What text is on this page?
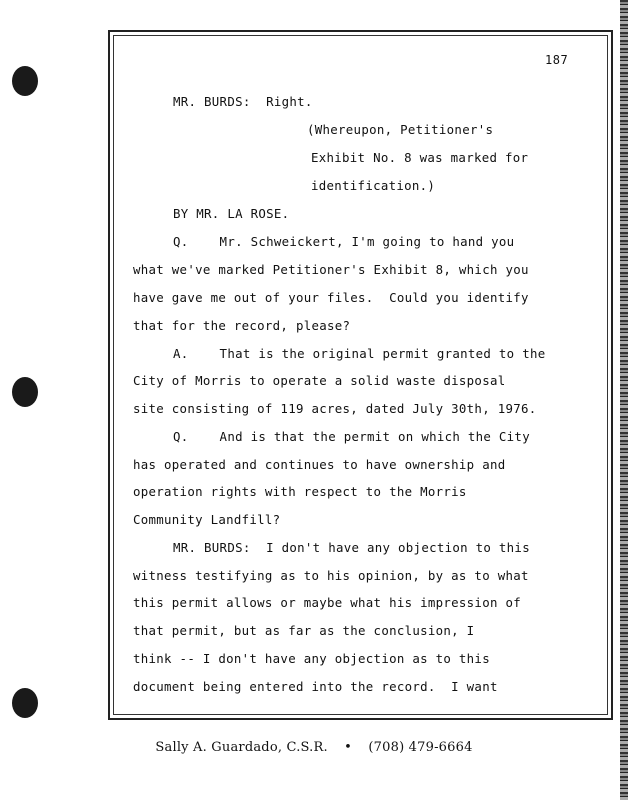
187
MR. BURDS:  Right.
(Whereupon, Petitioner's
Exhibit No. 8 was marked for
identification.)
BY MR. LA ROSE.
Q.    Mr. Schweickert, I'm going to hand you
what we've marked Petitioner's Exhibit 8, which you
have gave me out of your files.  Could you identify
that for the record, please?
A.    That is the original permit granted to the
City of Morris to operate a solid waste disposal
site consisting of 119 acres, dated July 30th, 1976.
Q.    And is that the permit on which the City
has operated and continues to have ownership and
operation rights with respect to the Morris
Community Landfill?
MR. BURDS:  I don't have any objection to this
witness testifying as to his opinion, by as to what
this permit allows or maybe what his impression of
that permit, but as far as the conclusion, I
think -- I don't have any objection as to this
document being entered into the record.  I want
Sally A. Guardado, C.S.R. • (708) 479-6664
